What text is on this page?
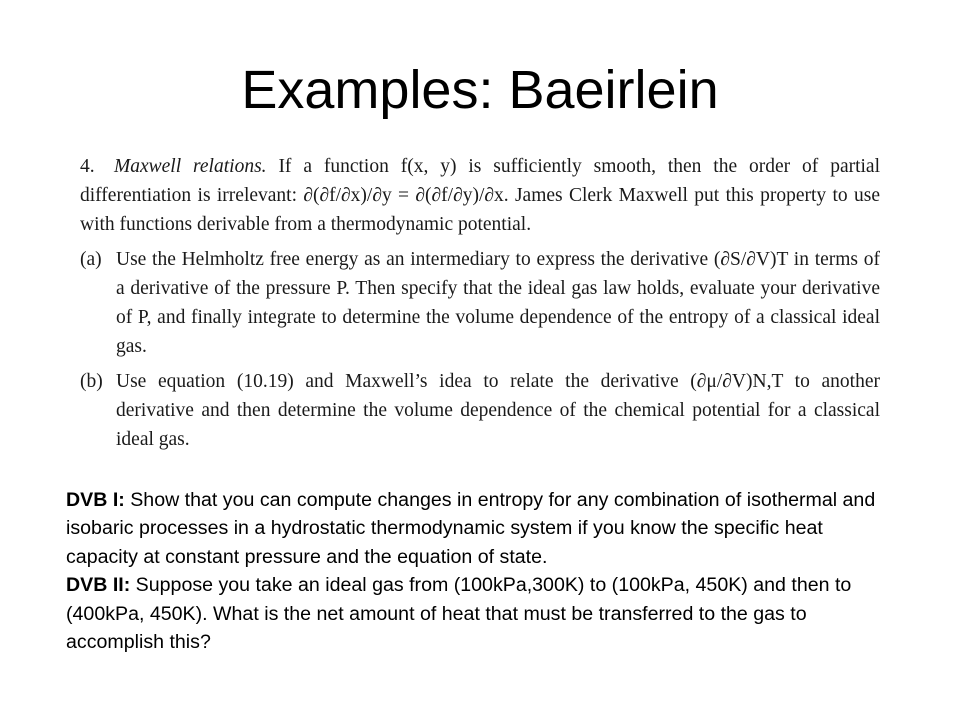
Examples: Baeirlein

4. Maxwell relations. If a function f(x, y) is sufficiently smooth, then the order of partial differentiation is irrelevant: ∂(∂f/∂x)/∂y = ∂(∂f/∂y)/∂x. James Clerk Maxwell put this property to use with functions derivable from a thermodynamic potential.

(a) Use the Helmholtz free energy as an intermediary to express the derivative (∂S/∂V)T in terms of a derivative of the pressure P. Then specify that the ideal gas law holds, evaluate your derivative of P, and finally integrate to determine the volume dependence of the entropy of a classical ideal gas.
(b) Use equation (10.19) and Maxwell’s idea to relate the derivative (∂μ/∂V)N,T to another derivative and then determine the volume dependence of the chemical potential for a classical ideal gas.

DVB I: Show that you can compute changes in entropy for any combination of isothermal and isobaric processes in a hydrostatic thermodynamic system if you know the specific heat capacity at constant pressure and the equation of state.

DVB II: Suppose you take an ideal gas from (100kPa,300K) to (100kPa, 450K) and then to (400kPa, 450K). What is the net amount of heat that must be transferred to the gas to accomplish this?
